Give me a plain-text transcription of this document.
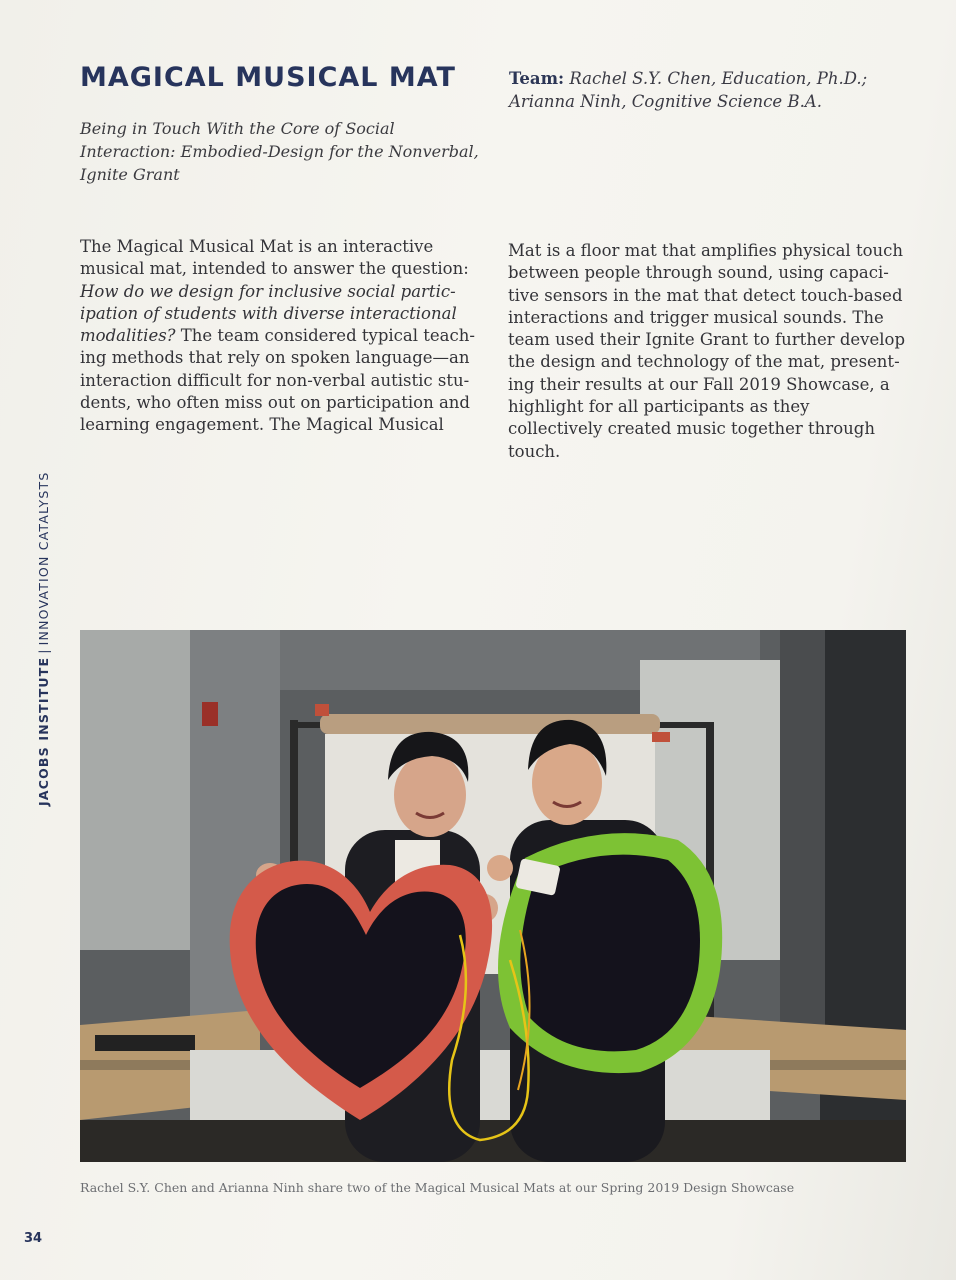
MAGICAL MUSICAL MAT
Being in Touch With the Core of Social Interaction: Embodied-Design for the Nonverbal, Ignite Grant
Team: Rachel S.Y. Chen, Education, Ph.D.; Arianna Ninh, Cognitive Science B.A.
The Magical Musical Mat is an interactive musical mat, intended to answer the question: How do we design for inclusive social partic-ipation of students with diverse interactional modalities? The team considered typical teach-ing methods that rely on spoken language—an interaction difficult for non-verbal autistic stu-dents, who often miss out on participation and learning engagement. The Magical Musical
Mat is a floor mat that amplifies physical touch between people through sound, using capaci-tive sensors in the mat that detect touch-based interactions and trigger musical sounds. The team used their Ignite Grant to further develop the design and technology of the mat, present-ing their results at our Fall 2019 Showcase, a highlight for all participants as they collectively created music together through touch.
JACOBS INSTITUTE|INNOVATION CATALYSTS
Rachel S.Y. Chen and Arianna Ninh share two of the Magical Musical Mats at our Spring 2019 Design Showcase
34
